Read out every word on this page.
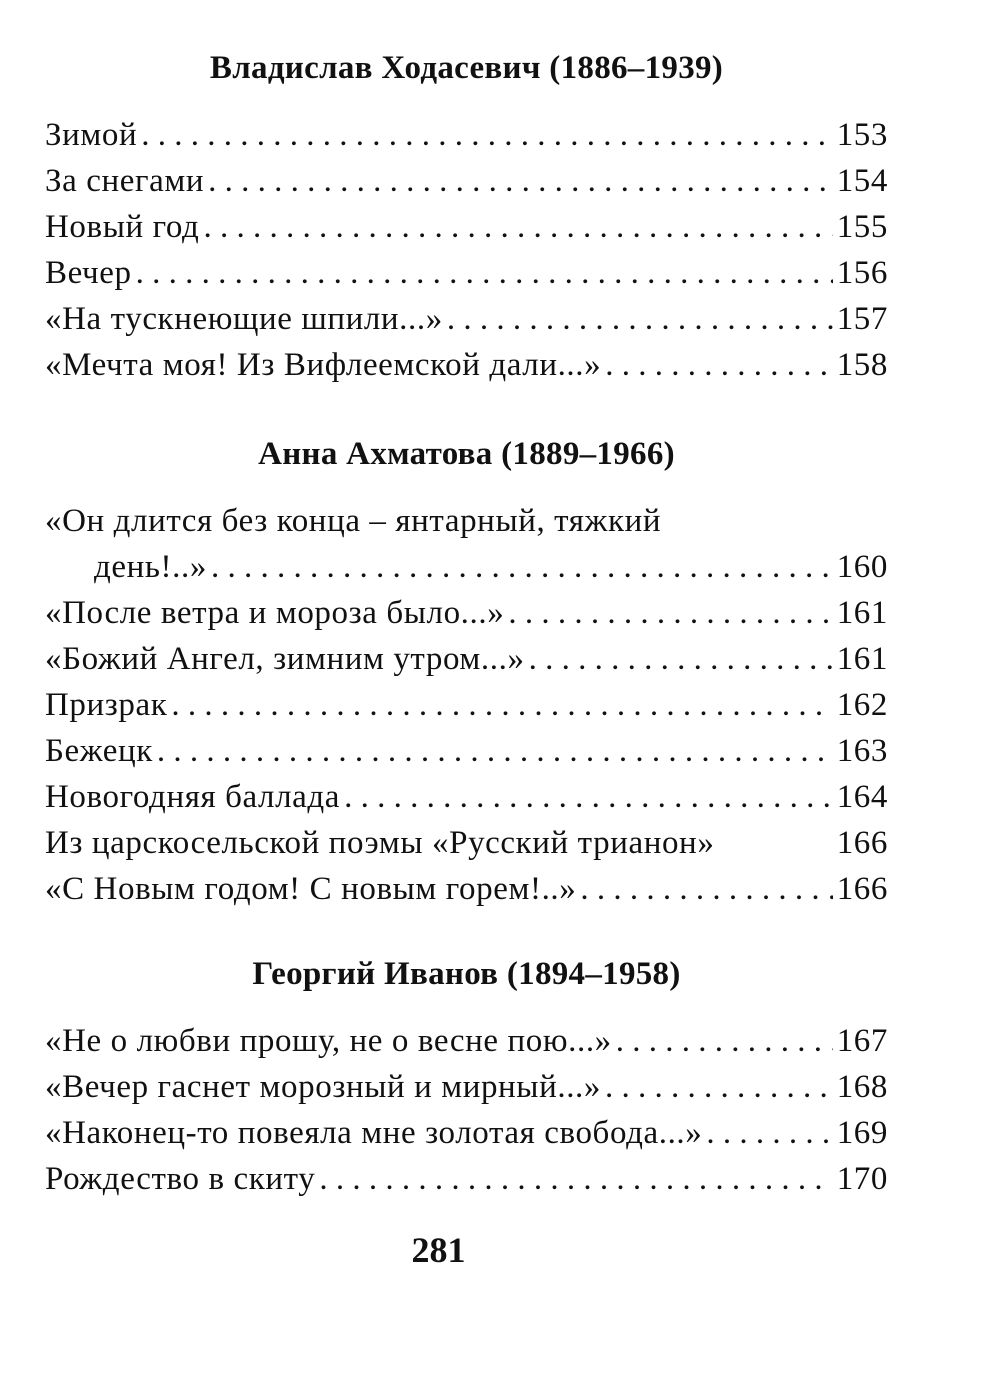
Владислав Ходасевич (1886–1939)
Зимой . . .	153
За снегами . . .	154
Новый год . . .	155
Вечер . . .	156
«На тускнеющие шпили...» . . .	157
«Мечта моя! Из Вифлеемской дали...» . . .	158
Анна Ахматова (1889–1966)
«Он длится без конца – янтарный, тяжкий
день!..» . . .	160
«После ветра и мороза было...» . . .	161
«Божий Ангел, зимним утром...» . . .	161
Призрак . . .	162
Бежецк . . .	163
Новогодняя баллада . . .	164
Из царскосельской поэмы «Русский трианон»	166
«С Новым годом! С новым горем!..» . . .	166
Георгий Иванов (1894–1958)
«Не о любви прошу, не о весне пою...» . . .	167
«Вечер гаснет морозный и мирный...» . . .	168
«Наконец-то повеяла мне золотая свобода...» . . .	169
Рождество в скиту . . .	170
281
